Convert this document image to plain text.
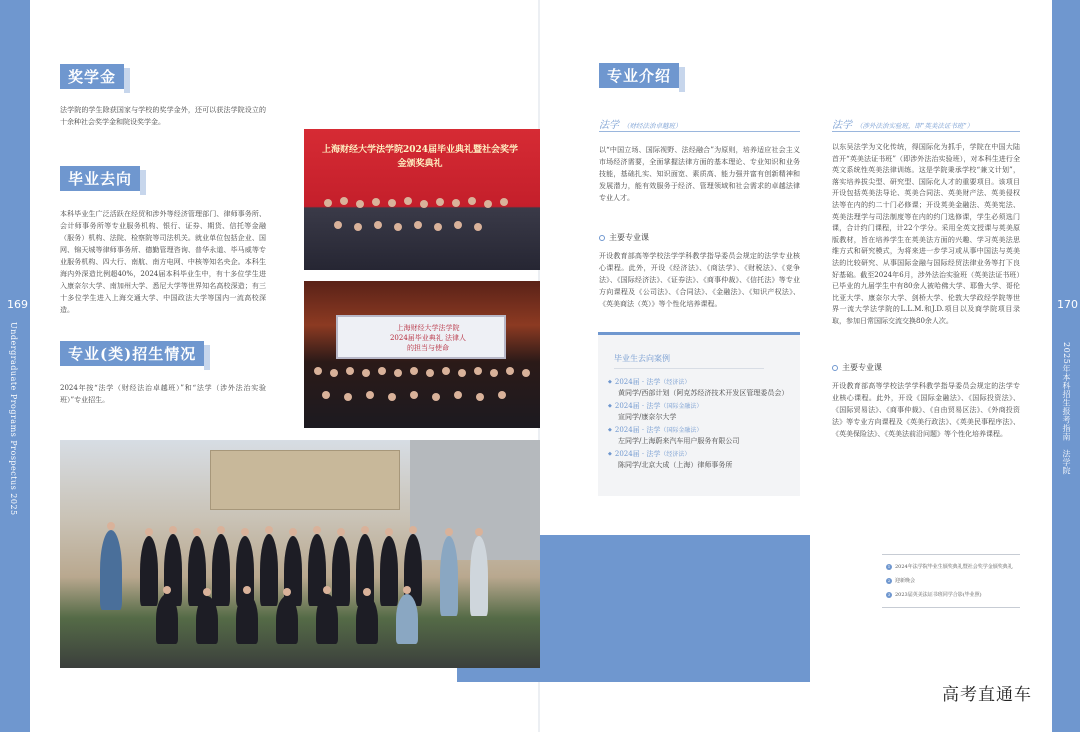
169
Undergraduate Programs Prospectus 2025
170
2025年本科招生报考指南　法学院
奖学金
法学院的学生除获国家与学校的奖学金外，还可以获法学院设立的十余种社会奖学金和院设奖学金。
毕业去向
本科毕业生广泛活跃在经贸和涉外等经济管理部门、律师事务所、会计师事务所等专业服务机构、银行、证券、期货、信托等金融（服务）机构、法院、检察院等司法机关。就业单位包括企业、国网、锦天城等律师事务所、德勤管理咨询、普华永道、毕马威等专业服务机构、四大行、南航、南方电网、中核等知名央企。本科生海内外深造比例超40%，2024届本科毕业生中，有十多位学生进入康奈尔大学、南加州大学、悉尼大学等世界知名高校深造；有三十多位学生进入上海交通大学、中国政法大学等国内一流高校深造。
专业(类)招生情况
2024年按“法学（财经法治卓越班）”和“法学（涉外法治实验班）”专业招生。
上海财经大学法学院2024届毕业典礼暨社会奖学金颁奖典礼
上海财经大学法学院2024届毕业典礼 法律人的担当与使命
专业介绍
法学 （财经法治卓越班）
以“中国立场、国际视野、法经融合”为原则，培养适应社会主义市场经济需要，全面掌握法律方面的基本理论、专业知识和业务技能，基础扎实、知识面宽、素质高、能力强并富有创新精神和发展潜力，能有效服务于经济、管理领域和社会需求的卓越法律专业人才。
主要专业课
开设教育部高等学校法学学科教学指导委员会规定的法学专业核心课程。此外，开设《经济法》、《商法学》、《财税法》、《竞争法》、《国际经济法》、《证券法》、《商事仲裁》、《信托法》等专业方向课程及《公司法》、《合同法》、《金融法》、《知识产权法》、《英美商法（英）》等个性化培养课程。
毕业生去向案例
◆ 2024届 · 法学（经济法）
黄同学/西部计划（阿克苏经济技术开发区管理委员会）
◆ 2024届 · 法学（国际金融法）
宣同学/康奈尔大学
◆ 2024届 · 法学（国际金融法）
左同学/上海蔚来汽车用户服务有限公司
◆ 2024届 · 法学（经济法）
陈同学/北京大成（上海）律师事务所
法学 （涉外法治实验班，即“英美法证书班”）
以东吴法学为文化传统，得国际化为抓手，学院在中国大陆首开“英美法证书班”（即涉外法治实验班），对本科生进行全英文系统性英美法律训练。这是学院秉承学校“兼文计划”，落实培养拔尖型、研究型、国际化人才的重要项目。该项目开设包括英美法导论、英美合同法、英美财产法、英美侵权法等在内的约二十门必修课；开设英美金融法、英美宪法、英美法理学与司法制度等在内的约门选修课，学生必须选门课，合计约门课程，计22个学分。采用全英文授课与英美原版教材，旨在培养学生在英美法方面的兴趣、学习英美法思维方式和研究模式，为将来进一步学习或从事中国法与英美法的比较研究、从事国际金融与国际经贸法律业务等打下良好基础。截至2024年6月，涉外法治实验班（英美法证书班）已毕业的九届学生中有80余人被哈佛大学、耶鲁大学、哥伦比亚大学、康奈尔大学、剑桥大学、伦敦大学政经学院等世界一流大学法学院的L.L.M.和J.D.项目以及商学院项目录取，参加日常国际交流交换80余人次。
主要专业课
开设教育部高等学校法学学科教学指导委员会规定的法学专业核心课程。此外，开设《国际金融法》、《国际投资法》、《国际贸易法》、《商事仲裁》、《自由贸易区法》、《外商投资法》等专业方向课程及《英美行政法》、《英美民事程序法》、《英美保险法》、《英美法前沿问题》等个性化培养课程。
1 2024年法学院毕业生颁奖典礼暨社会奖学金颁奖典礼
2 迎新晚会
3 2023届英美法证书班同学合影(毕业照)
高考直通车
